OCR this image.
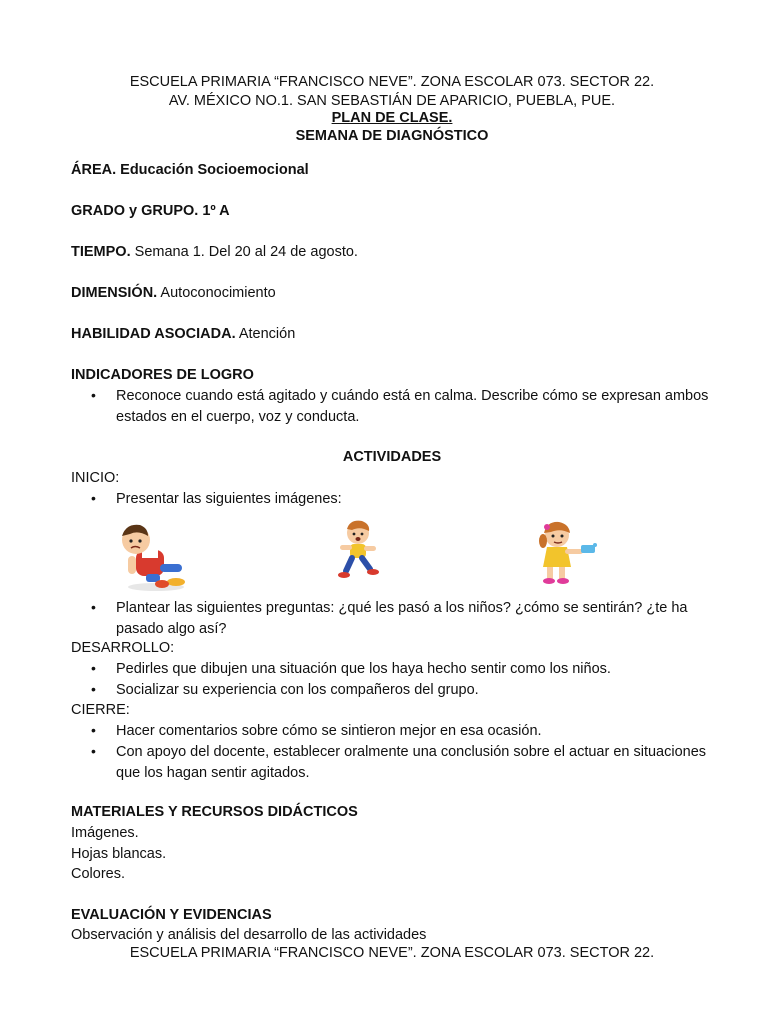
ESCUELA PRIMARIA “FRANCISCO NEVE”. ZONA ESCOLAR 073. SECTOR 22.
AV. MÉXICO NO.1. SAN SEBASTIÁN DE APARICIO, PUEBLA, PUE.
PLAN DE CLASE.
SEMANA DE DIAGNÓSTICO
ÁREA. Educación Socioemocional
GRADO y GRUPO. 1º A
TIEMPO. Semana 1. Del 20 al 24 de agosto.
DIMENSIÓN. Autoconocimiento
HABILIDAD ASOCIADA. Atención
INDICADORES DE LOGRO
• Reconoce cuando está agitado y cuándo está en calma. Describe cómo se expresan ambos estados en el cuerpo, voz y conducta.
ACTIVIDADES
INICIO:
• Presentar las siguientes imágenes:
• Plantear las siguientes preguntas: ¿qué les pasó a los niños? ¿cómo se sentirán? ¿te ha pasado algo así?
DESARROLLO:
• Pedirles que dibujen una situación que los haya hecho sentir como los niños.
• Socializar su experiencia con los compañeros del grupo.
CIERRE:
• Hacer comentarios sobre cómo se sintieron mejor en esa ocasión.
• Con apoyo del docente, establecer oralmente una conclusión sobre el actuar en situaciones que los hagan sentir agitados.
MATERIALES Y RECURSOS DIDÁCTICOS
Imágenes.
Hojas blancas.
Colores.
EVALUACIÓN Y EVIDENCIAS
Observación y análisis del desarrollo de las actividades
ESCUELA PRIMARIA “FRANCISCO NEVE”. ZONA ESCOLAR 073. SECTOR 22.
